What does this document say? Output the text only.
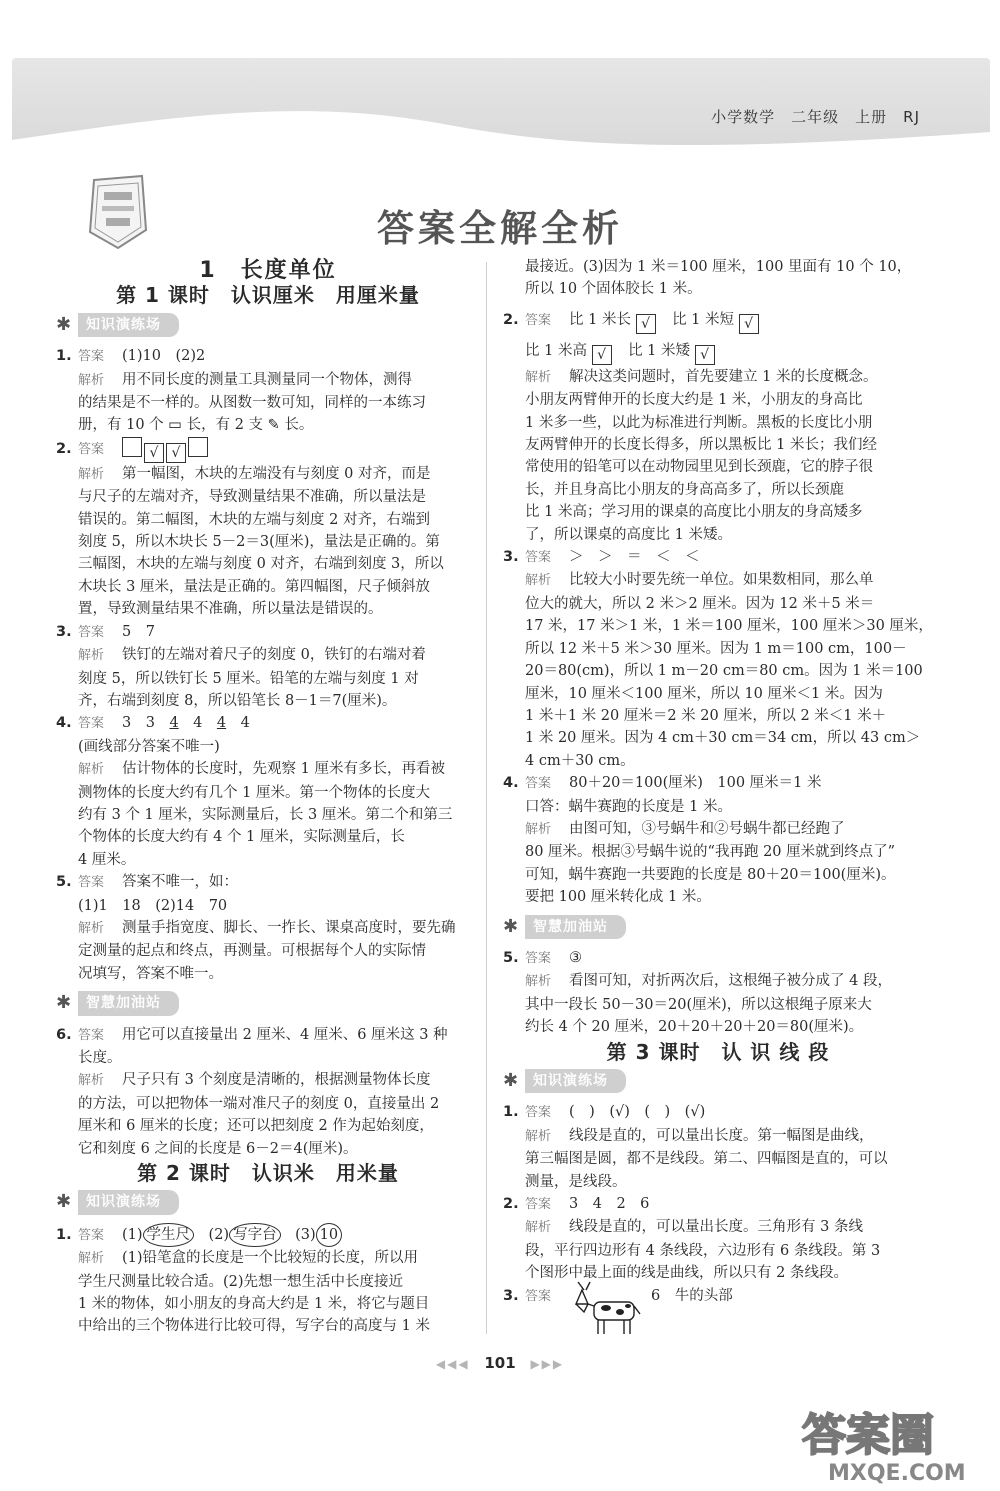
小学数学　二年级　上册　RJ
答案全解全析
1　长度单位
第 1 课时　认识厘米　用厘米量
✱	知识演练场
1. 答案 (1)10　(2)2
解析 用不同长度的测量工具测量同一个物体，测得
的结果是不一样的。从图数一数可知，同样的一本练习
册，有 10 个 ▭ 长，有 2 支 ✎ 长。
2. 答案	√ √
解析 第一幅图，木块的左端没有与刻度 0 对齐，而是
与尺子的左端对齐，导致测量结果不准确，所以量法是
错误的。第二幅图，木块的左端与刻度 2 对齐，右端到
刻度 5，所以木块长 5－2＝3(厘米)，量法是正确的。第
三幅图，木块的左端与刻度 0 对齐，右端到刻度 3，所以
木块长 3 厘米，量法是正确的。第四幅图，尺子倾斜放
置，导致测量结果不准确，所以量法是错误的。
3. 答案 5　7
解析 铁钉的左端对着尺子的刻度 0，铁钉的右端对着
刻度 5，所以铁钉长 5 厘米。铅笔的左端与刻度 1 对
齐，右端到刻度 8，所以铅笔长 8－1＝7(厘米)。
4. 答案 3　3　4　4　4　4
(画线部分答案不唯一)
解析 估计物体的长度时，先观察 1 厘米有多长，再看被
测物体的长度大约有几个 1 厘米。第一个物体的长度大
约有 3 个 1 厘米，实际测量后，长 3 厘米。第二个和第三
个物体的长度大约有 4 个 1 厘米，实际测量后，长
4 厘米。
5. 答案 答案不唯一，如：
(1)1　18　(2)14　70
解析 测量手指宽度、脚长、一拃长、课桌高度时，要先确
定测量的起点和终点，再测量。可根据每个人的实际情
况填写，答案不唯一。
✱	智慧加油站
6. 答案 用它可以直接量出 2 厘米、4 厘米、6 厘米这 3 种
长度。
解析 尺子只有 3 个刻度是清晰的，根据测量物体长度
的方法，可以把物体一端对准尺子的刻度 0，直接量出 2
厘米和 6 厘米的长度；还可以把刻度 2 作为起始刻度，
它和刻度 6 之间的长度是 6－2＝4(厘米)。
第 2 课时　认识米　用米量
✱	知识演练场
1. 答案 (1) 学生尺　 (2) 写字台　 (3) 10
解析 (1)铅笔盒的长度是一个比较短的长度，所以用
学生尺测量比较合适。(2)先想一想生活中长度接近
1 米的物体，如小朋友的身高大约是 1 米，将它与题目
中给出的三个物体进行比较可得，写字台的高度与 1 米
最接近。(3)因为 1 米＝100 厘米，100 里面有 10 个 10，
所以 10 个固体胶长 1 米。
2. 答案 比 1 米长 √　 比 1 米短 √
比 1 米高 √　 比 1 米矮 √
解析 解决这类问题时，首先要建立 1 米的长度概念。
小朋友两臂伸开的长度大约是 1 米，小朋友的身高比
1 米多一些，以此为标准进行判断。黑板的长度比小朋
友两臂伸开的长度长得多，所以黑板比 1 米长；我们经
常使用的铅笔可以在动物园里见到长颈鹿，它的脖子很
长，并且身高比小朋友的身高高多了，所以长颈鹿
比 1 米高；学习用的课桌的高度比小朋友的身高矮多
了，所以课桌的高度比 1 米矮。
3. 答案 ＞　＞　＝　＜　＜
解析 比较大小时要先统一单位。如果数相同，那么单
位大的就大，所以 2 米＞2 厘米。因为 12 米＋5 米＝
17 米，17 米＞1 米，1 米＝100 厘米，100 厘米＞30 厘米，
所以 12 米＋5 米＞30 厘米。因为 1 m＝100 cm，100－
20＝80(cm)，所以 1 m－20 cm＝80 cm。因为 1 米＝100
厘米，10 厘米＜100 厘米，所以 10 厘米＜1 米。因为
1 米＋1 米 20 厘米＝2 米 20 厘米，所以 2 米＜1 米＋
1 米 20 厘米。因为 4 cm＋30 cm＝34 cm，所以 43 cm＞
4 cm＋30 cm。
4. 答案 80＋20＝100(厘米)　100 厘米＝1 米
口答：蜗牛赛跑的长度是 1 米。
解析 由图可知，③号蜗牛和②号蜗牛都已经跑了
80 厘米。根据③号蜗牛说的“我再跑 20 厘米就到终点了”
可知，蜗牛赛跑一共要跑的长度是 80＋20＝100(厘米)。
要把 100 厘米转化成 1 米。
✱	智慧加油站
5. 答案 ③
解析 看图可知，对折两次后，这根绳子被分成了 4 段，
其中一段长 50－30＝20(厘米)，所以这根绳子原来大
约长 4 个 20 厘米，20＋20＋20＋20＝80(厘米)。
第 3 课时　认 识 线 段
✱	知识演练场
1. 答案 (　)　(√)　(　)　(√)
解析 线段是直的，可以量出长度。第一幅图是曲线，
第三幅图是圆，都不是线段。第二、四幅图是直的，可以
测量，是线段。
2. 答案 3　4　2　6
解析 线段是直的，可以量出长度。三角形有 3 条线
段，平行四边形有 4 条线段，六边形有 6 条线段。第 3
个图形中最上面的线是曲线，所以只有 2 条线段。
3. 答案	6　牛的头部
◀◀◀ 101 ▶▶▶
答案圈
MXQE.COM
